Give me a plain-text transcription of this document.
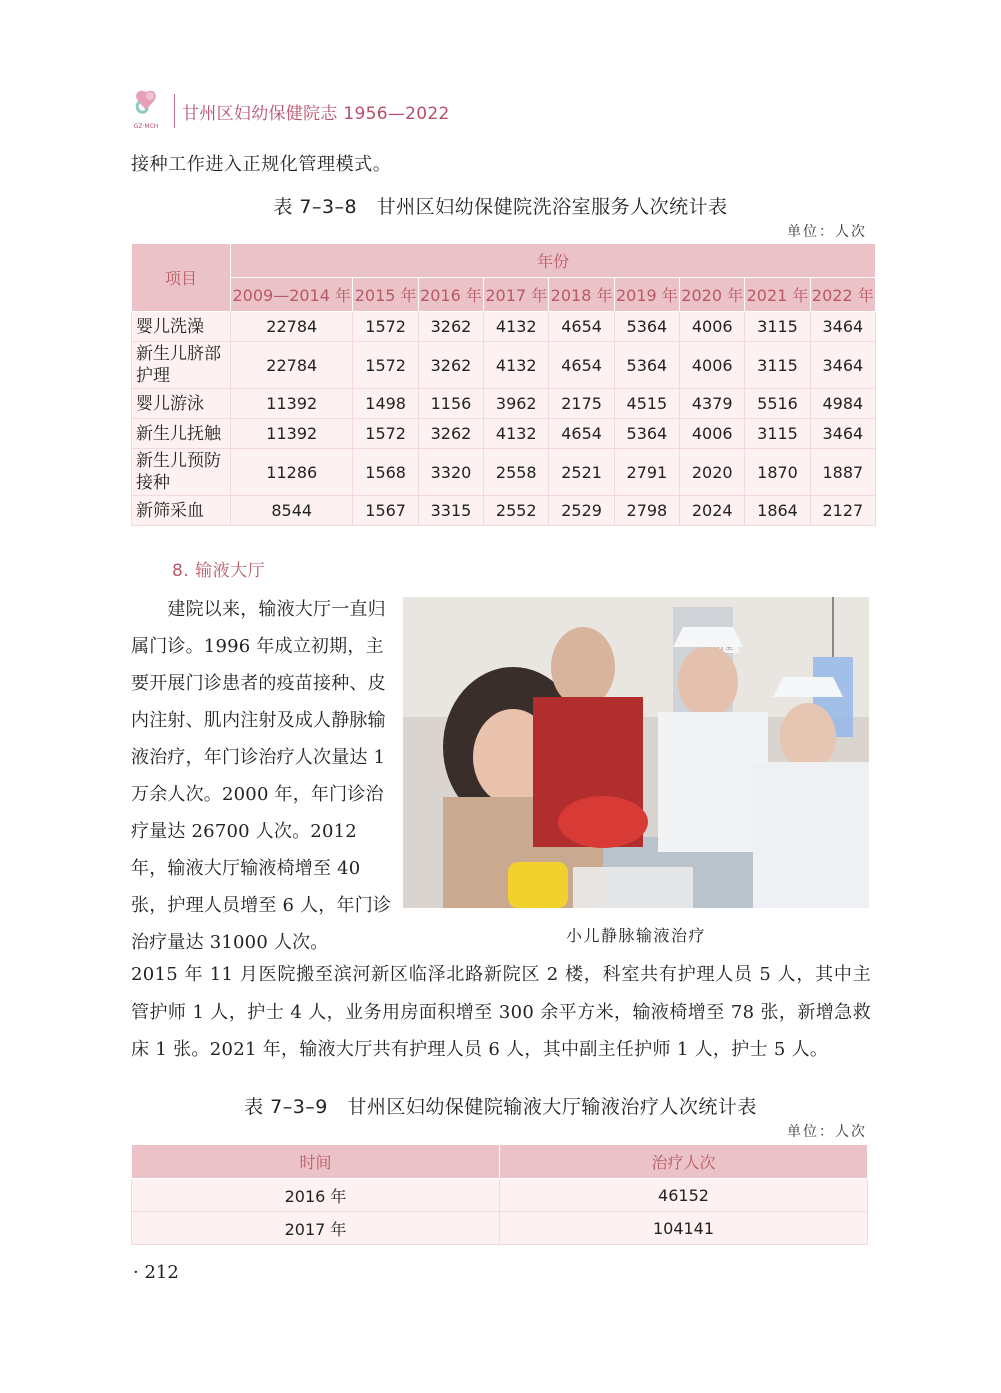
GZ·MCH
甘州区妇幼保健院志 1956—2022
接种工作进入正规化管理模式。
表 7–3–8　甘州区妇幼保健院洗浴室服务人次统计表
单位：人次
项目	年份								
	2009—2014 年	2015 年	2016 年	2017 年	2018 年	2019 年	2020 年	2021 年	2022 年
婴儿洗澡	22784	1572	3262	4132	4654	5364	4006	3115	3464
新生儿脐部护理	22784	1572	3262	4132	4654	5364	4006	3115	3464
婴儿游泳	11392	1498	1156	3962	2175	4515	4379	5516	4984
新生儿抚触	11392	1572	3262	4132	4654	5364	4006	3115	3464
新生儿预防接种	11286	1568	3320	2558	2521	2791	2020	1870	1887
新筛采血	8544	1567	3315	2552	2529	2798	2024	1864	2127
8. 输液大厅

　　建院以来，输液大厅一直归属门诊。1996 年成立初期，主要开展门诊患者的疫苗接种、皮内注射、肌内注射及成人静脉输液治疗，年门诊治疗人次量达 1 万余人次。2000 年，年门诊治疗量达 26700 人次。2012 年，输液大厅输液椅增至 40 张，护理人员增至 6 人，年门诊治疗量达 31000 人次。	小儿静脉输液治疗

2015 年 11 月医院搬至滨河新区临泽北路新院区 2 楼，科室共有护理人员 5 人，其中主管护师 1 人，护士 4 人，业务用房面积增至 300 余平方米，输液椅增至 78 张，新增急救床 1 张。2021 年，输液大厅共有护理人员 6 人，其中副主任护师 1 人，护士 5 人。

表 7–3–9　甘州区妇幼保健院输液大厅输液治疗人次统计表
单位：人次
时间	治疗人次
2016 年	46152
2017 年	104141
· 212
